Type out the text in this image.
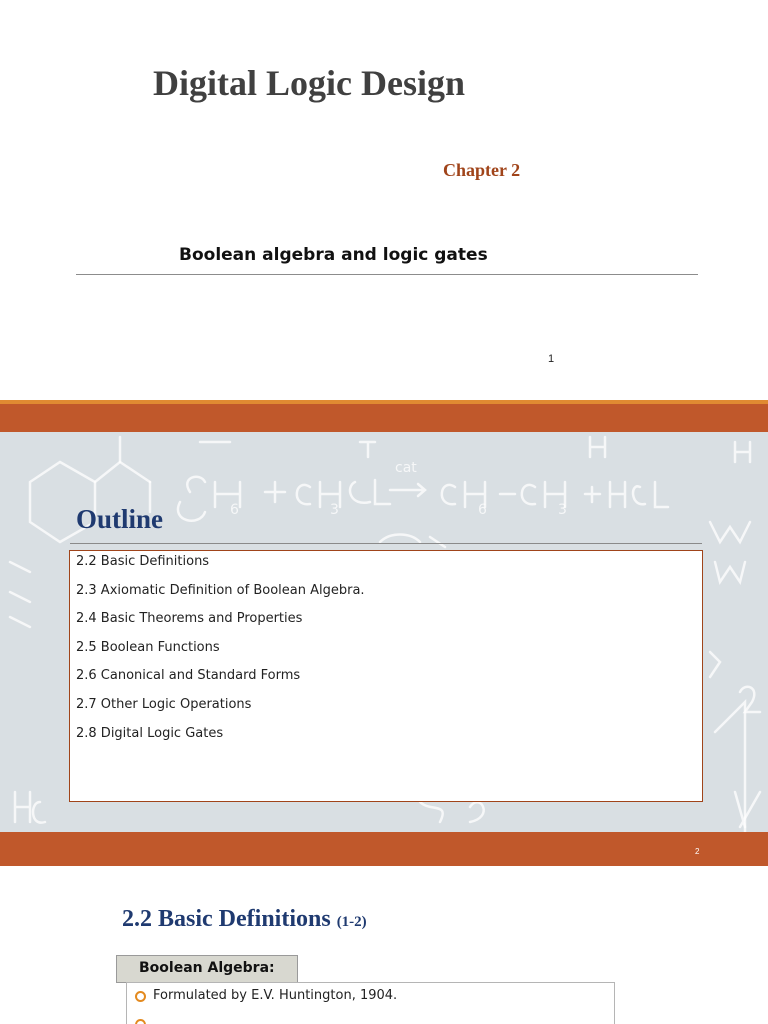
Digital Logic Design
Chapter 2
Boolean algebra and logic gates
1
cat
6	3	6	3
Outline
2.2 Basic Definitions
2.3 Axiomatic Definition of Boolean Algebra.
2.4 Basic Theorems and Properties
2.5 Boolean Functions
2.6 Canonical and Standard Forms
2.7 Other Logic Operations
2.8 Digital Logic Gates
2
2.2 Basic Definitions (1-2)
Boolean Algebra:
Formulated by E.V. Huntington, 1904.
